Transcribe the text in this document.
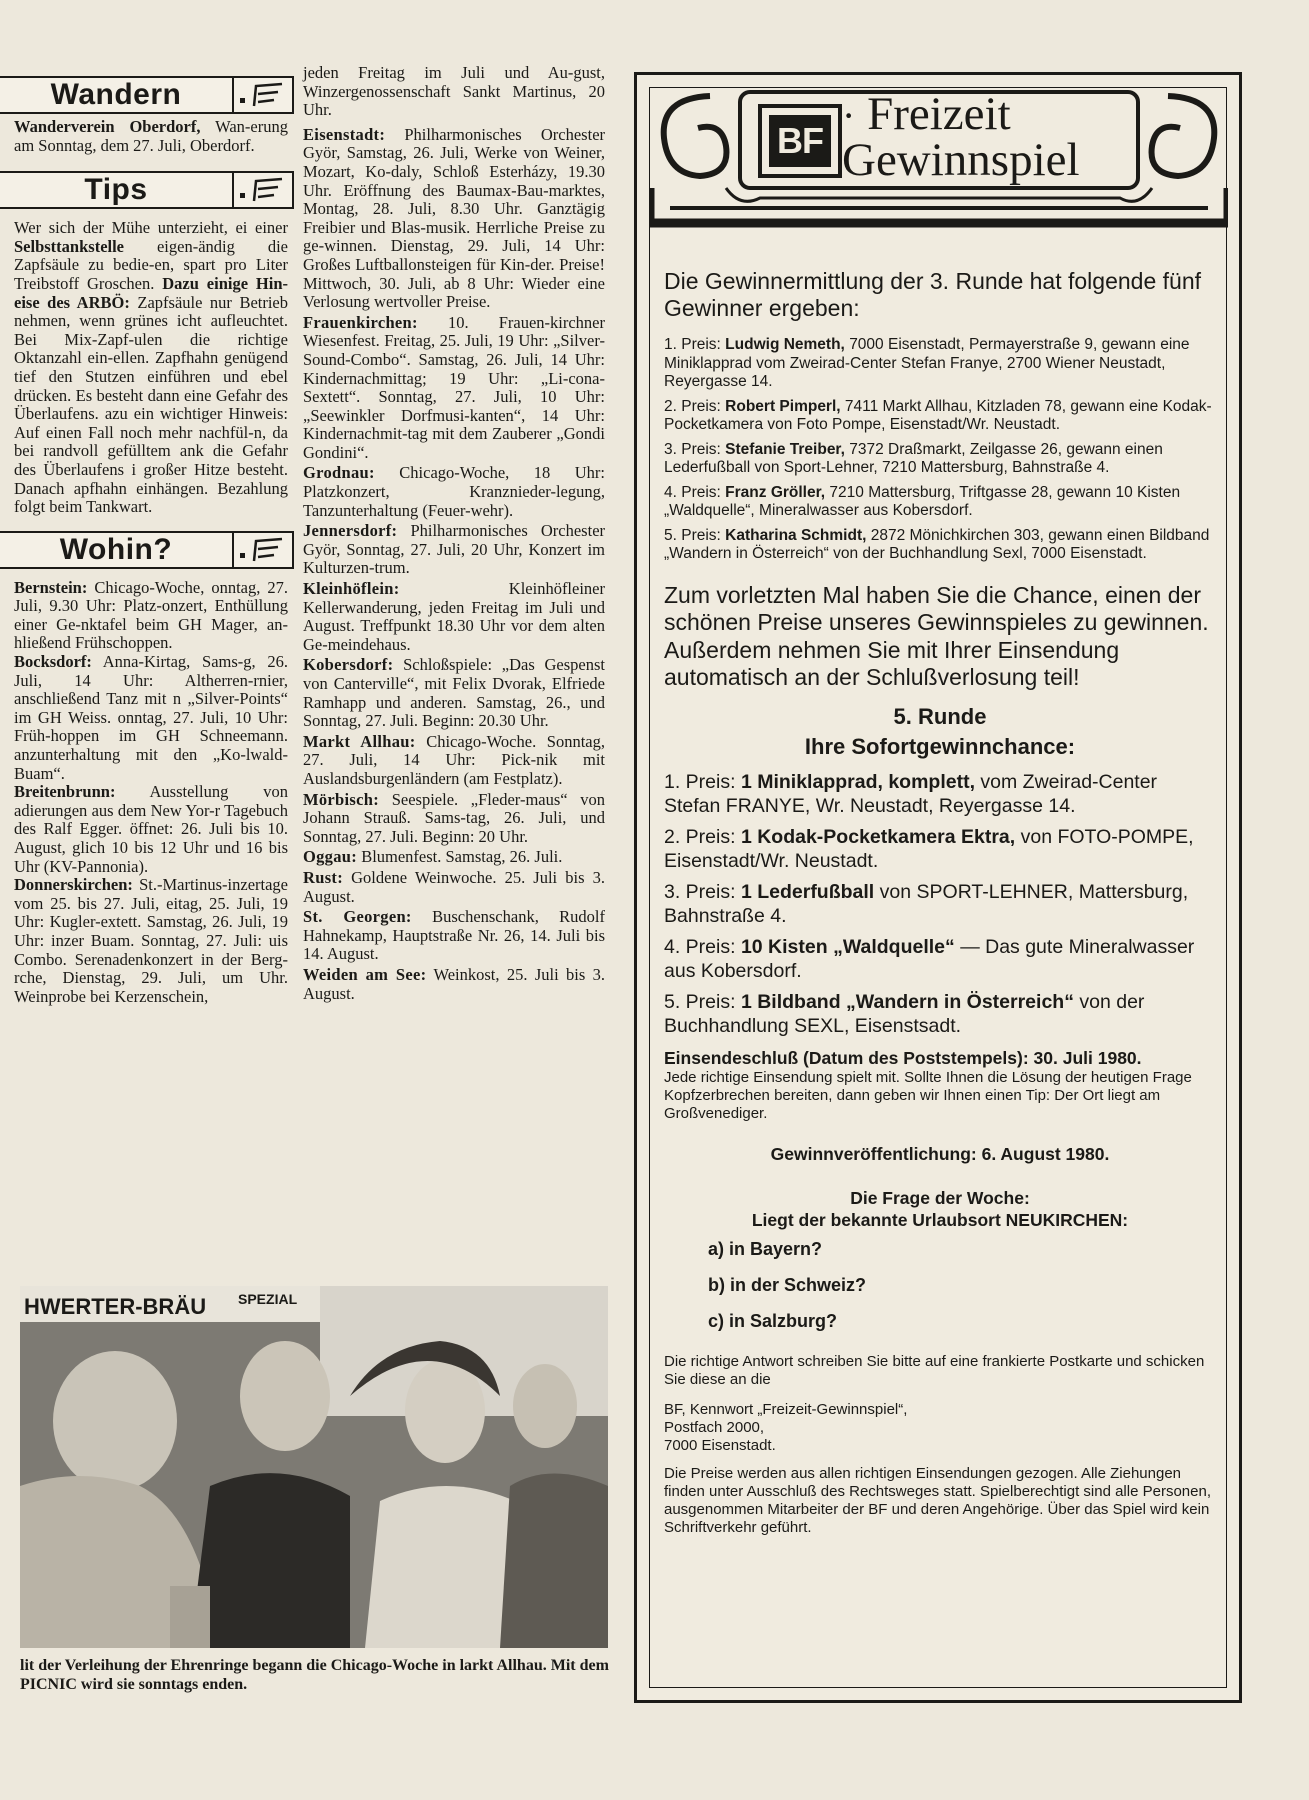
Wandern

Wanderverein Oberdorf, Wan-erung am Sonntag, dem 27. Juli, Oberdorf.

Tips

Wer sich der Mühe unterzieht, ei einer Selbsttankstelle eigen-ändig die Zapfsäule zu bedie-en, spart pro Liter Treibstoff Groschen. Dazu einige Hin-eise des ARBÖ: Zapfsäule nur Betrieb nehmen, wenn grünes icht aufleuchtet. Bei Mix-Zapf-ulen die richtige Oktanzahl ein-ellen. Zapfhahn genügend tief den Stutzen einführen und ebel drücken. Es besteht dann eine Gefahr des Überlaufens. azu ein wichtiger Hinweis: Auf einen Fall noch mehr nachfül-n, da bei randvoll gefülltem ank die Gefahr des Überlaufens i großer Hitze besteht. Danach apfhahn einhängen. Bezahlung folgt beim Tankwart.

Wohin?

Bernstein: Chicago-Woche, onntag, 27. Juli, 9.30 Uhr: Platz-onzert, Enthüllung einer Ge-nktafel beim GH Mager, an-hließend Frühschoppen.

Bocksdorf: Anna-Kirtag, Sams-g, 26. Juli, 14 Uhr: Altherren-rnier, anschließend Tanz mit n „Silver-Points“ im GH Weiss. onntag, 27. Juli, 10 Uhr: Früh-hoppen im GH Schneemann. anzunterhaltung mit den „Ko-lwald-Buam“.

Breitenbrunn: Ausstellung von adierungen aus dem New Yor-r Tagebuch des Ralf Egger. öffnet: 26. Juli bis 10. August, glich 10 bis 12 Uhr und 16 bis Uhr (KV-Pannonia).

Donnerskirchen: St.-Martinus-inzertage vom 25. bis 27. Juli, eitag, 25. Juli, 19 Uhr: Kugler-extett. Samstag, 26. Juli, 19 Uhr: inzer Buam. Sonntag, 27. Juli: uis Combo. Serenadenkonzert in der Berg-rche, Dienstag, 29. Juli, um Uhr. Weinprobe bei Kerzenschein,

jeden Freitag im Juli und Au-gust, Winzergenossenschaft Sankt Martinus, 20 Uhr.

Eisenstadt: Philharmonisches Orchester Györ, Samstag, 26. Juli, Werke von Weiner, Mozart, Ko-daly, Schloß Esterházy, 19.30 Uhr. Eröffnung des Baumax-Bau-marktes, Montag, 28. Juli, 8.30 Uhr. Ganztägig Freibier und Blas-musik. Herrliche Preise zu ge-winnen. Dienstag, 29. Juli, 14 Uhr: Großes Luftballonsteigen für Kin-der. Preise! Mittwoch, 30. Juli, ab 8 Uhr: Wieder eine Verlosung wertvoller Preise.

Frauenkirchen: 10. Frauen-kirchner Wiesenfest. Freitag, 25. Juli, 19 Uhr: „Silver-Sound-Combo“. Samstag, 26. Juli, 14 Uhr: Kindernachmittag; 19 Uhr: „Li-cona-Sextett“. Sonntag, 27. Juli, 10 Uhr: „Seewinkler Dorfmusi-kanten“, 14 Uhr: Kindernachmit-tag mit dem Zauberer „Gondi Gondini“.

Grodnau: Chicago-Woche, 18 Uhr: Platzkonzert, Kranznieder-legung, Tanzunterhaltung (Feuer-wehr).

Jennersdorf: Philharmonisches Orchester Györ, Sonntag, 27. Juli, 20 Uhr, Konzert im Kulturzen-trum.

Kleinhöflein:	Kleinhöfleiner Kellerwanderung, jeden Freitag im Juli und August. Treffpunkt 18.30 Uhr vor dem alten Ge-meindehaus.

Kobersdorf: Schloßspiele: „Das Gespenst von Canterville“, mit Felix Dvorak, Elfriede Ramhapp und anderen. Samstag, 26., und Sonntag, 27. Juli. Beginn: 20.30 Uhr.

Markt Allhau: Chicago-Woche. Sonntag, 27. Juli, 14 Uhr: Pick-nik mit Auslandsburgenländern (am Festplatz).

Mörbisch: Seespiele. „Fleder-maus“ von Johann Strauß. Sams-tag, 26. Juli, und Sonntag, 27. Juli. Beginn: 20 Uhr.

Oggau: Blumenfest. Samstag, 26. Juli.

Rust: Goldene Weinwoche. 25. Juli bis 3. August.

St. Georgen: Buschenschank, Rudolf Hahnekamp, Hauptstraße Nr. 26, 14. Juli bis 14. August.

Weiden am See: Weinkost, 25. Juli bis 3. August.

HWERTER-BRÄU SPEZIAL
lit der Verleihung der Ehrenringe begann die Chicago-Woche in larkt Allhau. Mit dem PICNIC wird sie sonntags enden.
BF
· Freizeit
Gewinnspiel

Die Gewinnermittlung der 3. Runde hat folgende fünf Gewinner ergeben:

1. Preis: Ludwig Nemeth, 7000 Eisenstadt, Permayerstraße 9, gewann eine Miniklapprad vom Zweirad-Center Stefan Franye, 2700 Wiener Neustadt, Reyergasse 14.
2. Preis: Robert Pimperl, 7411 Markt Allhau, Kitzladen 78, gewann eine Kodak-Pocketkamera von Foto Pompe, Eisenstadt/Wr. Neustadt.
3. Preis: Stefanie Treiber, 7372 Draßmarkt, Zeilgasse 26, gewann einen Lederfußball von Sport-Lehner, 7210 Mattersburg, Bahnstraße 4.
4. Preis: Franz Gröller, 7210 Mattersburg, Triftgasse 28, gewann 10 Kisten „Waldquelle“, Mineralwasser aus Kobersdorf.
5. Preis: Katharina Schmidt, 2872 Mönichkirchen 303, gewann einen Bildband „Wandern in Österreich“ von der Buchhandlung Sexl, 7000 Eisenstadt.

Zum vorletzten Mal haben Sie die Chance, einen der schönen Preise unseres Gewinnspieles zu gewinnen. Außerdem nehmen Sie mit Ihrer Einsendung automatisch an der Schlußverlosung teil!

5. Runde
Ihre Sofortgewinnchance:
1. Preis: 1 Miniklapprad, komplett, vom Zweirad-Center Stefan FRANYE, Wr. Neustadt, Reyergasse 14.
2. Preis: 1 Kodak-Pocketkamera Ektra, von FOTO-POMPE, Eisenstadt/Wr. Neustadt.
3. Preis: 1 Lederfußball von SPORT-LEHNER, Mattersburg, Bahnstraße 4.
4. Preis: 10 Kisten „Waldquelle“ — Das gute Mineralwasser aus Kobersdorf.
5. Preis: 1 Bildband „Wandern in Österreich“ von der Buchhandlung SEXL, Eisenstsadt.

Einsendeschluß (Datum des Poststempels): 30. Juli 1980.

Jede richtige Einsendung spielt mit. Sollte Ihnen die Lösung der heutigen Frage Kopfzerbrechen bereiten, dann geben wir Ihnen einen Tip: Der Ort liegt am Großvenediger.

Gewinnveröffentlichung: 6. August 1980.
Die Frage der Woche:
Liegt der bekannte Urlaubsort NEUKIRCHEN:
a) in Bayern?
b) in der Schweiz?
c) in Salzburg?

Die richtige Antwort schreiben Sie bitte auf eine frankierte Postkarte und schicken Sie diese an die

BF, Kennwort „Freizeit-Gewinnspiel“,
Postfach 2000,
7000 Eisenstadt.

Die Preise werden aus allen richtigen Einsendungen gezogen. Alle Ziehungen finden unter Ausschluß des Rechtsweges statt. Spielberechtigt sind alle Personen, ausgenommen Mitarbeiter der BF und deren Angehörige. Über das Spiel wird kein Schriftverkehr geführt.
